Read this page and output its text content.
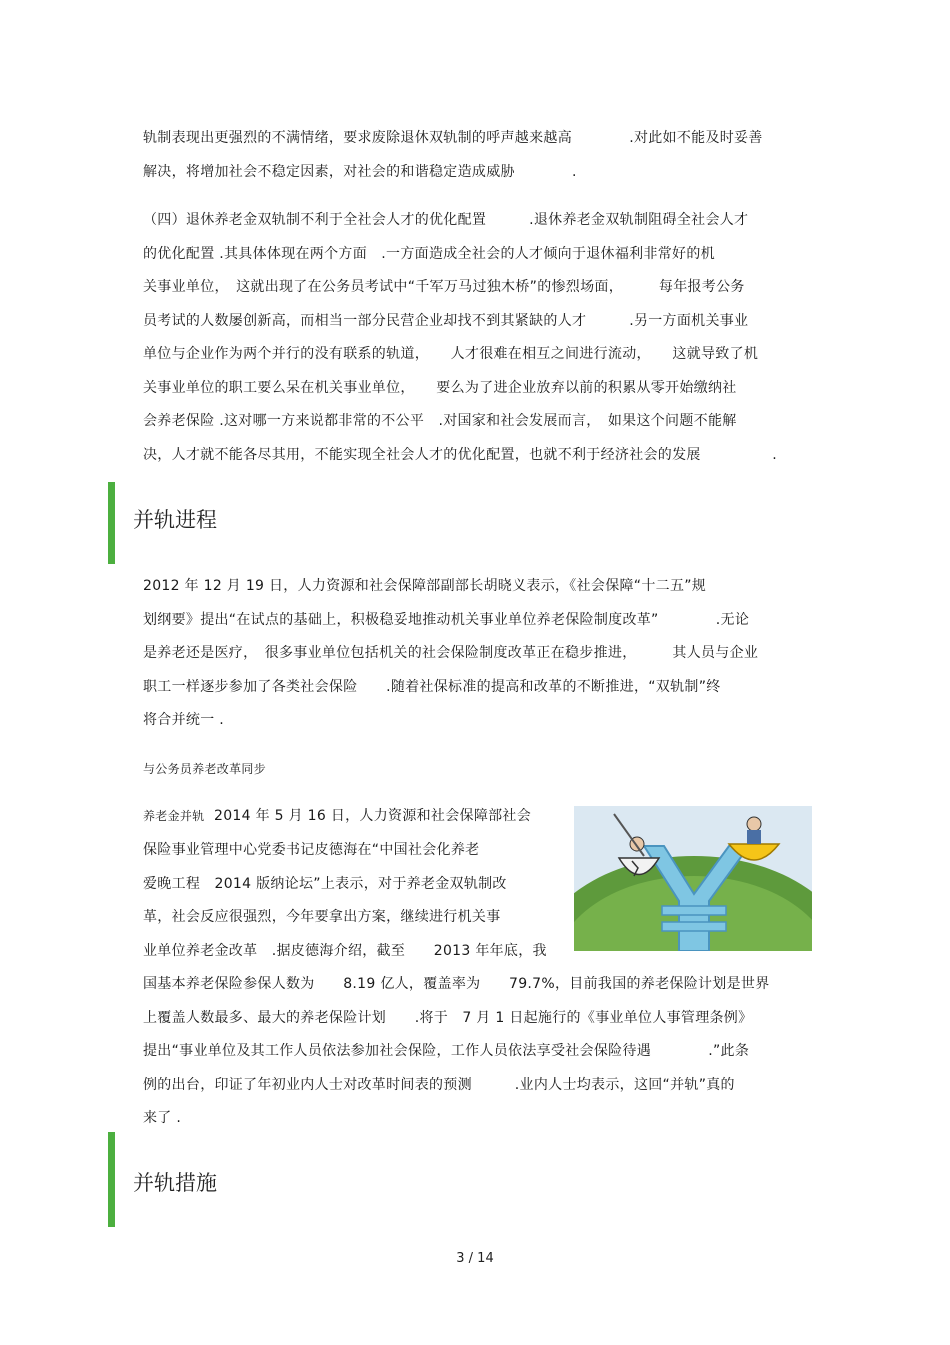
轨制表现出更强烈的不满情绪，要求废除退休双轨制的呼声越来越高　　　　.对此如不能及时妥善
解决，将增加社会不稳定因素，对社会的和谐稳定造成威胁　　　　.
（四）退休养老金双轨制不利于全社会人才的优化配置　　　.退休养老金双轨制阻碍全社会人才
的优化配置 .其具体体现在两个方面　.一方面造成全社会的人才倾向于退休福利非常好的机
关事业单位，　这就出现了在公务员考试中“千军万马过独木桥”的惨烈场面，　　　每年报考公务
员考试的人数屡创新高，而相当一部分民营企业却找不到其紧缺的人才　　　.另一方面机关事业
单位与企业作为两个并行的没有联系的轨道，　　人才很难在相互之间进行流动，　　这就导致了机
关事业单位的职工要么呆在机关事业单位，　　要么为了进企业放弃以前的积累从零开始缴纳社
会养老保险 .这对哪一方来说都非常的不公平　.对国家和社会发展而言，　如果这个问题不能解
决，人才就不能各尽其用，不能实现全社会人才的优化配置，也就不利于经济社会的发展　　　　　.
并轨进程
2012 年 12 月 19 日，人力资源和社会保障部副部长胡晓义表示，《社会保障“十二五”规
划纲要》提出“在试点的基础上，积极稳妥地推动机关事业单位养老保险制度改革”　　　　.无论
是养老还是医疗，　很多事业单位包括机关的社会保险制度改革正在稳步推进，　　　其人员与企业
职工一样逐步参加了各类社会保险　　.随着社保标准的提高和改革的不断推进，“双轨制”终
将合并统一 .
与公务员养老改革同步
养老金并轨  2014 年 5 月 16 日，人力资源和社会保障部社会
保险事业管理中心党委书记皮德海在“中国社会化养老
爱晚工程　2014 版纳论坛”上表示，对于养老金双轨制改
革，社会反应很强烈，今年要拿出方案，继续进行机关事
业单位养老金改革　.据皮德海介绍，截至　　2013 年年底，我
国基本养老保险参保人数为　　8.19 亿人，覆盖率为　　79.7%，目前我国的养老保险计划是世界
上覆盖人数最多、最大的养老保险计划　　.将于　7 月 1 日起施行的《事业单位人事管理条例》
提出“事业单位及其工作人员依法参加社会保险，工作人员依法享受社会保险待遇　　　　.”此条
例的出台，印证了年初业内人士对改革时间表的预测　　　.业内人士均表示，这回“并轨”真的
来了 .
并轨措施
3 / 14
